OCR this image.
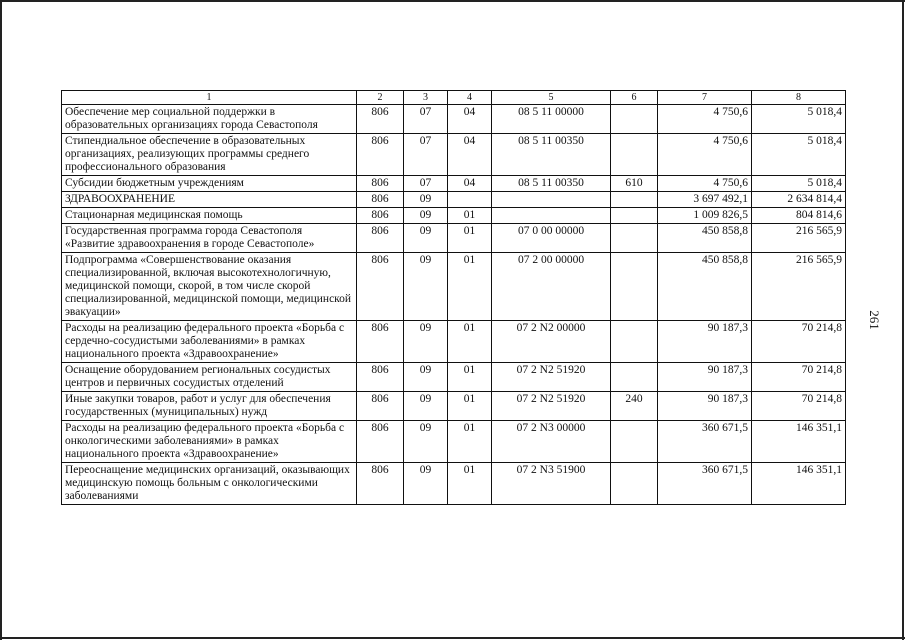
1	2	3	4	5	6	7	8
Обеспечение мер социальной поддержки в образовательных организациях города Севастополя	806	07	04	08 5 11 00000		4 750,6	5 018,4
Стипендиальное обеспечение в образовательных организациях, реализующих программы среднего профессионального образования	806	07	04	08 5 11 00350		4 750,6	5 018,4
Субсидии бюджетным учреждениям	806	07	04	08 5 11 00350	610	4 750,6	5 018,4
ЗДРАВООХРАНЕНИЕ	806	09				3 697 492,1	2 634 814,4
Стационарная медицинская помощь	806	09	01			1 009 826,5	804 814,6
Государственная программа города Севастополя «Развитие здравоохранения в городе Севастополе»	806	09	01	07 0 00 00000		450 858,8	216 565,9
Подпрограмма «Совершенствование оказания специализированной, включая высокотехнологичную, медицинской помощи, скорой, в том числе скорой специализированной, медицинской помощи, медицинской эвакуации»	806	09	01	07 2 00 00000		450 858,8	216 565,9
Расходы на реализацию федерального проекта «Борьба с сердечно-сосудистыми заболеваниями» в рамках национального проекта «Здравоохранение»	806	09	01	07 2 N2 00000		90 187,3	70 214,8
Оснащение оборудованием региональных сосудистых центров и первичных сосудистых отделений	806	09	01	07 2 N2 51920		90 187,3	70 214,8
Иные закупки товаров, работ и услуг для обеспечения государственных (муниципальных) нужд	806	09	01	07 2 N2 51920	240	90 187,3	70 214,8
Расходы на реализацию федерального проекта «Борьба с онкологическими заболеваниями» в рамках национального проекта «Здравоохранение»	806	09	01	07 2 N3 00000		360 671,5	146 351,1
Переоснащение медицинских организаций, оказывающих медицинскую помощь больным с онкологическими заболеваниями	806	09	01	07 2 N3 51900		360 671,5	146 351,1
261
